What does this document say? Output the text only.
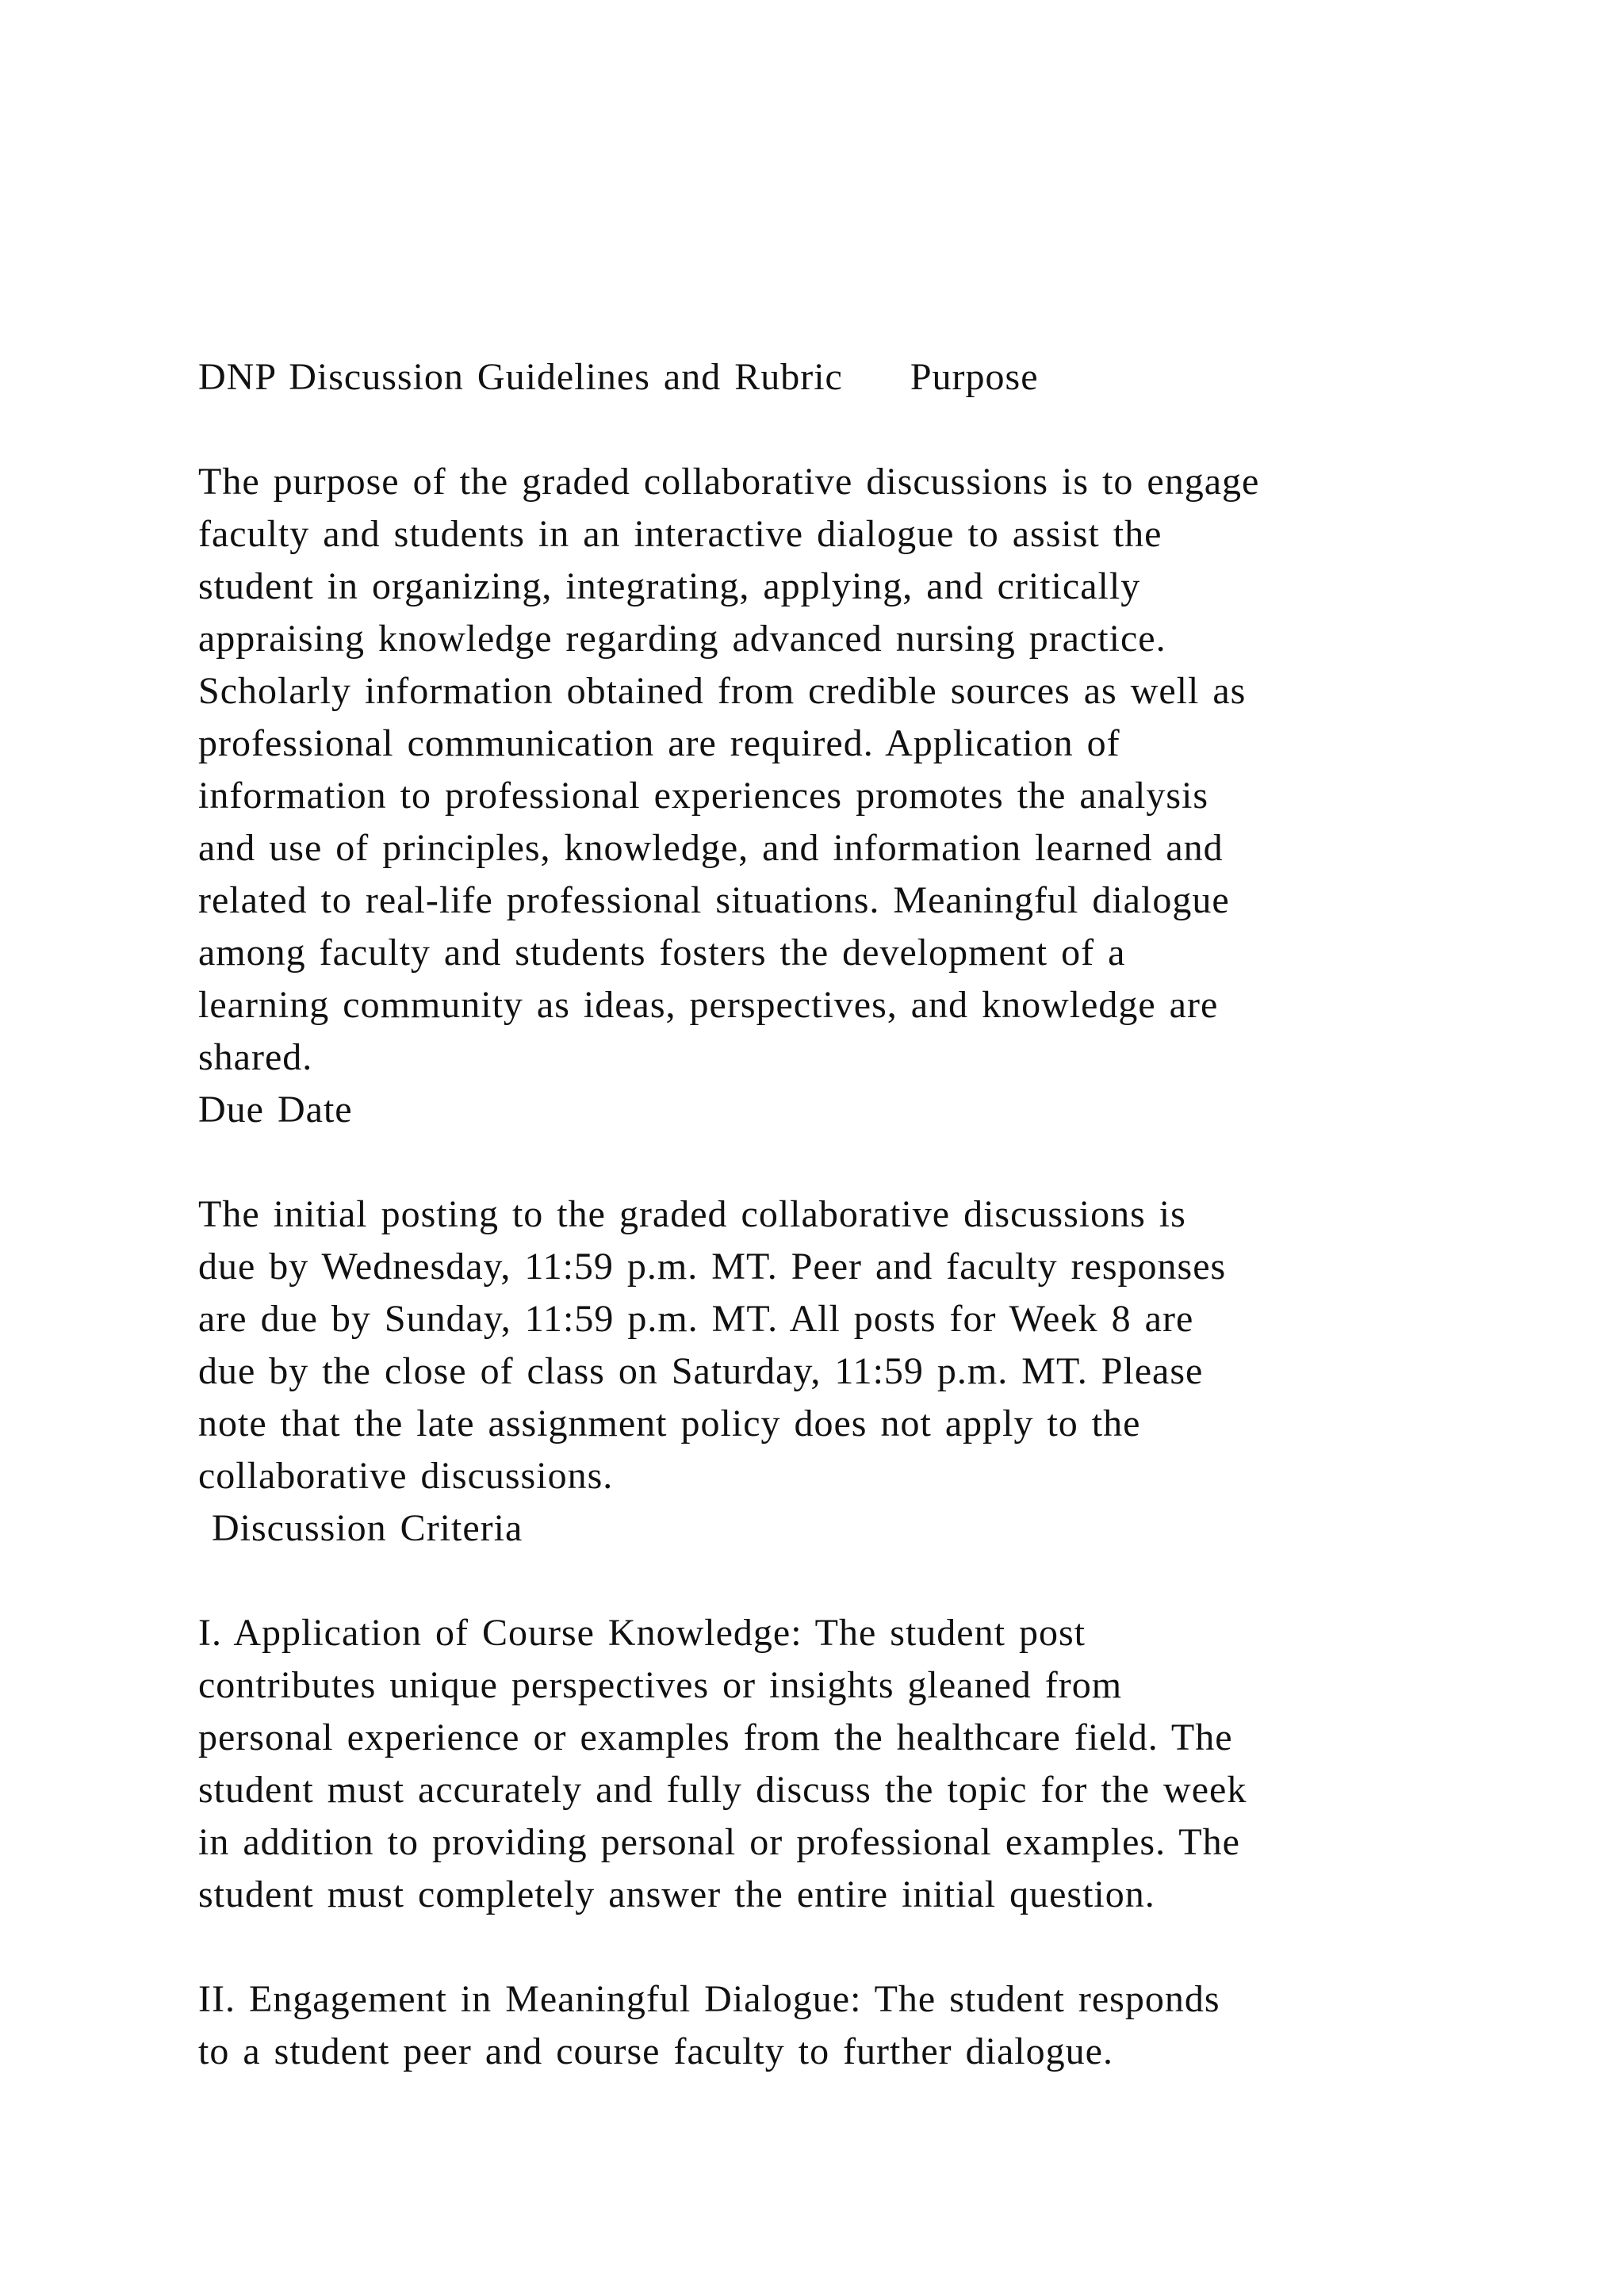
DNP Discussion Guidelines and Rubric     Purpose
The purpose of the graded collaborative discussions is to engage
faculty and students in an interactive dialogue to assist the
student in organizing, integrating, applying, and critically
appraising knowledge regarding advanced nursing practice.
Scholarly information obtained from credible sources as well as
professional communication are required. Application of
information to professional experiences promotes the analysis
and use of principles, knowledge, and information learned and
related to real-life professional situations. Meaningful dialogue
among faculty and students fosters the development of a
learning community as ideas, perspectives, and knowledge are
shared.
Due Date
The initial posting to the graded collaborative discussions is
due by Wednesday, 11:59 p.m. MT. Peer and faculty responses
are due by Sunday, 11:59 p.m. MT. All posts for Week 8 are
due by the close of class on Saturday, 11:59 p.m. MT. Please
note that the late assignment policy does not apply to the
collaborative discussions.
Discussion Criteria
I. Application of Course Knowledge: The student post
contributes unique perspectives or insights gleaned from
personal experience or examples from the healthcare field. The
student must accurately and fully discuss the topic for the week
in addition to providing personal or professional examples. The
student must completely answer the entire initial question.
II. Engagement in Meaningful Dialogue: The student responds
to a student peer and course faculty to further dialogue.
